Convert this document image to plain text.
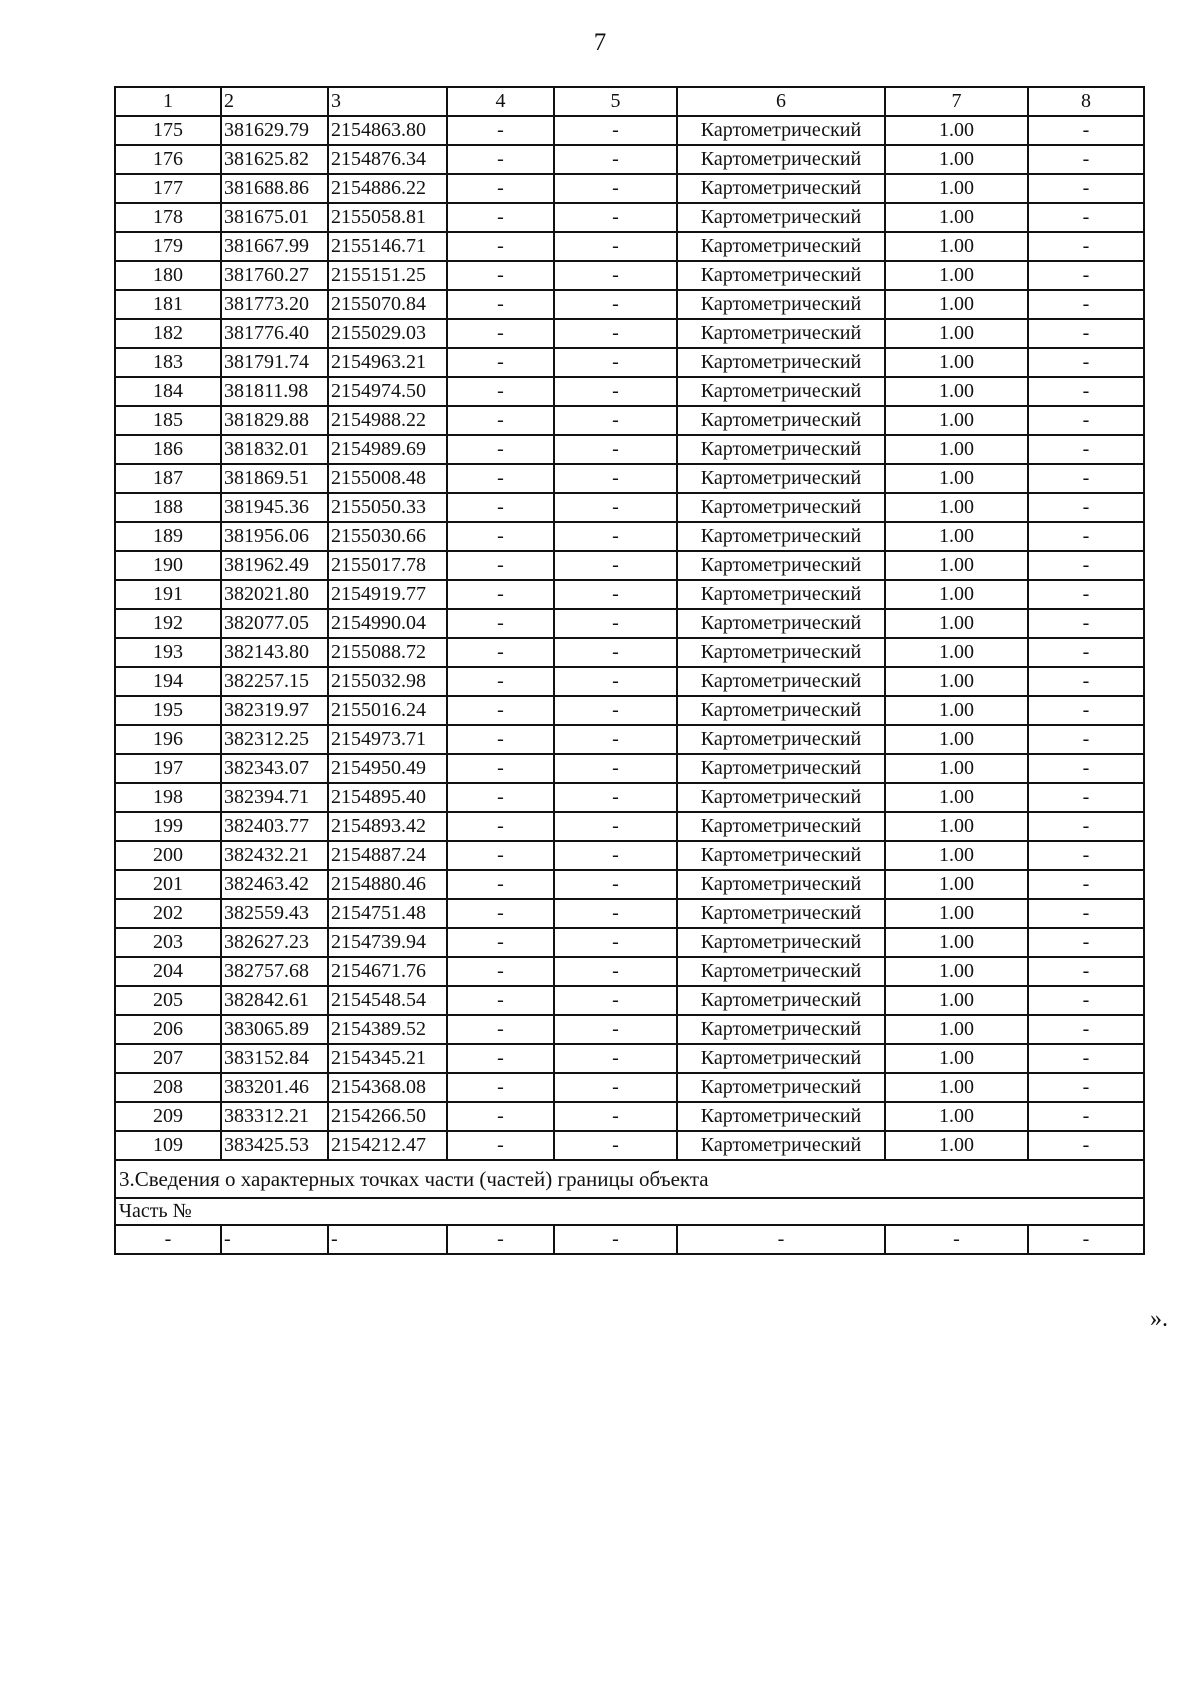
7
1	2	3	4	5	6	7	8
175	381629.79	2154863.80	-	-	Картометрический	1.00	-
176	381625.82	2154876.34	-	-	Картометрический	1.00	-
177	381688.86	2154886.22	-	-	Картометрический	1.00	-
178	381675.01	2155058.81	-	-	Картометрический	1.00	-
179	381667.99	2155146.71	-	-	Картометрический	1.00	-
180	381760.27	2155151.25	-	-	Картометрический	1.00	-
181	381773.20	2155070.84	-	-	Картометрический	1.00	-
182	381776.40	2155029.03	-	-	Картометрический	1.00	-
183	381791.74	2154963.21	-	-	Картометрический	1.00	-
184	381811.98	2154974.50	-	-	Картометрический	1.00	-
185	381829.88	2154988.22	-	-	Картометрический	1.00	-
186	381832.01	2154989.69	-	-	Картометрический	1.00	-
187	381869.51	2155008.48	-	-	Картометрический	1.00	-
188	381945.36	2155050.33	-	-	Картометрический	1.00	-
189	381956.06	2155030.66	-	-	Картометрический	1.00	-
190	381962.49	2155017.78	-	-	Картометрический	1.00	-
191	382021.80	2154919.77	-	-	Картометрический	1.00	-
192	382077.05	2154990.04	-	-	Картометрический	1.00	-
193	382143.80	2155088.72	-	-	Картометрический	1.00	-
194	382257.15	2155032.98	-	-	Картометрический	1.00	-
195	382319.97	2155016.24	-	-	Картометрический	1.00	-
196	382312.25	2154973.71	-	-	Картометрический	1.00	-
197	382343.07	2154950.49	-	-	Картометрический	1.00	-
198	382394.71	2154895.40	-	-	Картометрический	1.00	-
199	382403.77	2154893.42	-	-	Картометрический	1.00	-
200	382432.21	2154887.24	-	-	Картометрический	1.00	-
201	382463.42	2154880.46	-	-	Картометрический	1.00	-
202	382559.43	2154751.48	-	-	Картометрический	1.00	-
203	382627.23	2154739.94	-	-	Картометрический	1.00	-
204	382757.68	2154671.76	-	-	Картометрический	1.00	-
205	382842.61	2154548.54	-	-	Картометрический	1.00	-
206	383065.89	2154389.52	-	-	Картометрический	1.00	-
207	383152.84	2154345.21	-	-	Картометрический	1.00	-
208	383201.46	2154368.08	-	-	Картометрический	1.00	-
209	383312.21	2154266.50	-	-	Картометрический	1.00	-
109	383425.53	2154212.47	-	-	Картометрический	1.00	-
3.Сведения о характерных точках части (частей) границы объекта							
Часть №							
-	-	-	-	-	-	-	-
».
